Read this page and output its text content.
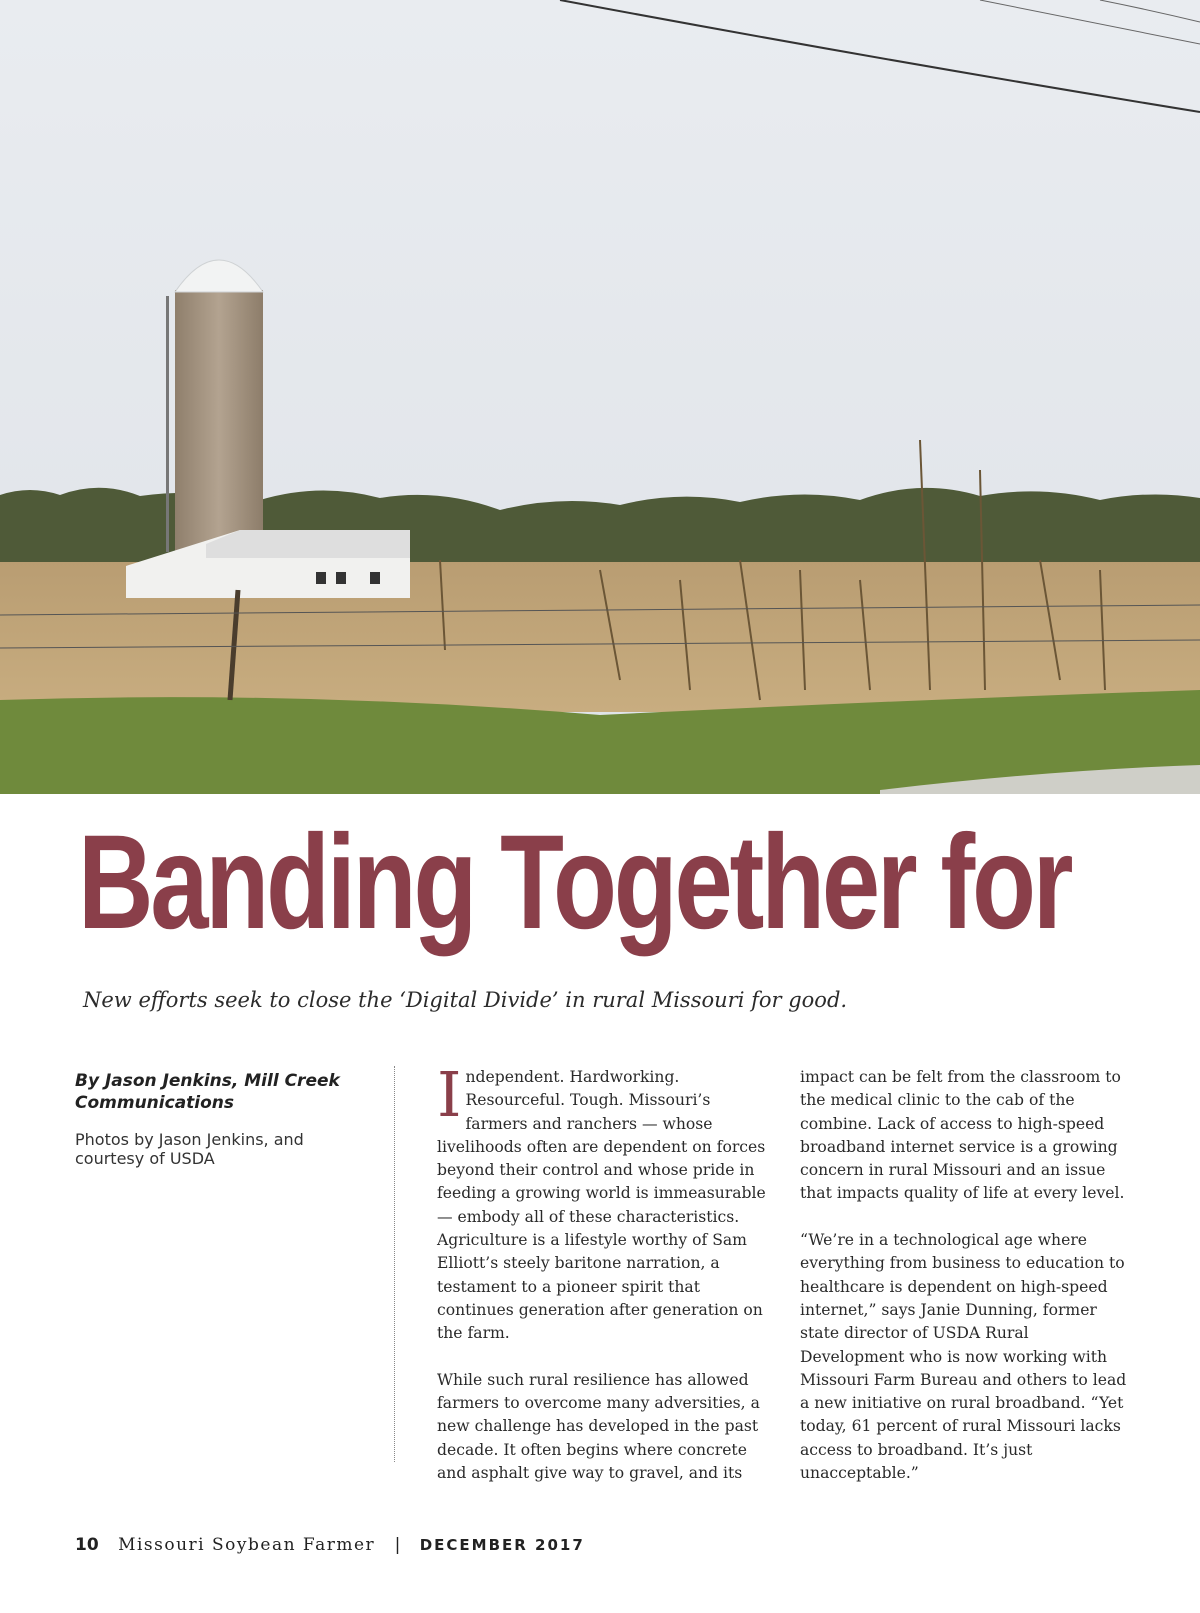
Banding Together for
New efforts seek to close the ‘Digital Divide’ in rural Missouri for good.
By Jason Jenkins, Mill Creek Communications
Photos by Jason Jenkins, and courtesy of USDA

Independent. Hardworking. Resourceful. Tough. Missouri’s farmers and ranchers — whose livelihoods often are dependent on forces beyond their control and whose pride in feeding a growing world is immeasurable — embody all of these characteristics. Agriculture is a lifestyle worthy of Sam Elliott’s steely baritone narration, a testament to a pioneer spirit that continues generation after generation on the farm.

While such rural resilience has allowed farmers to overcome many adversities, a new challenge has developed in the past decade. It often begins where concrete and asphalt give way to gravel, and its

impact can be felt from the classroom to the medical clinic to the cab of the combine. Lack of access to high-speed broadband internet service is a growing concern in rural Missouri and an issue that impacts quality of life at every level.

“We’re in a technological age where everything from business to education to healthcare is dependent on high-speed internet,” says Janie Dunning, former state director of USDA Rural Development who is now working with Missouri Farm Bureau and others to lead a new initiative on rural broadband. “Yet today, 61 percent of rural Missouri lacks access to broadband. It’s just unacceptable.”

10 Missouri Soybean Farmer | DECEMBER 2017
